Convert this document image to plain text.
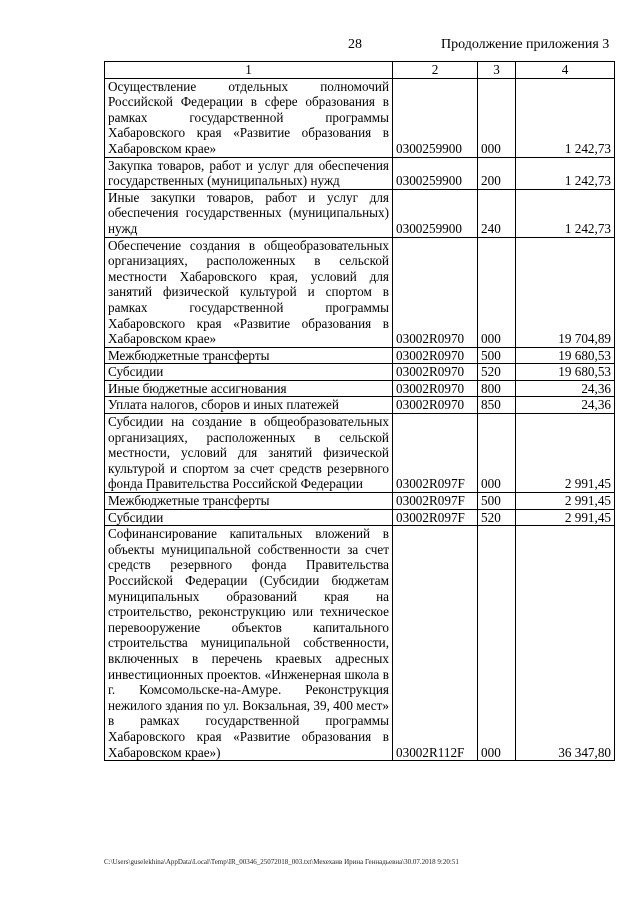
28	Продолжение приложения 3
1	2	3	4
Осуществление отдельных полномочий Российской Федерации в сфере образования в рамках государственной программы Хабаровского края «Развитие образования в Хабаровском крае»	0300259900	000	1 242,73
Закупка товаров, работ и услуг для обеспечения государственных (муниципальных) нужд	0300259900	200	1 242,73
Иные закупки товаров, работ и услуг для обеспечения государственных (муниципальных) нужд	0300259900	240	1 242,73
Обеспечение создания в общеобразовательных организациях, расположенных в сельской местности Хабаровского края, условий для занятий физической культурой и спортом в рамках государственной программы Хабаровского края «Развитие образования в Хабаровском крае»	03002R0970	000	19 704,89
Межбюджетные трансферты	03002R0970	500	19 680,53
Субсидии	03002R0970	520	19 680,53
Иные бюджетные ассигнования	03002R0970	800	24,36
Уплата налогов, сборов и иных платежей	03002R0970	850	24,36
Субсидии на создание в общеобразовательных организациях, расположенных в сельской местности, условий для занятий физической культурой и спортом за счет средств резервного фонда Правительства Российской Федерации	03002R097F	000	2 991,45
Межбюджетные трансферты	03002R097F	500	2 991,45
Субсидии	03002R097F	520	2 991,45
Софинансирование капитальных вложений в объекты муниципальной собственности за счет средств резервного фонда Правительства Российской Федерации (Субсидии бюджетам муниципальных образований края на строительство, реконструкцию или техническое перевооружение объектов капитального строительства муниципальной собственности, включенных в перечень краевых адресных инвестиционных проектов. «Инженерная школа в г. Комсомольске-на-Амуре. Реконструкция нежилого здания по ул. Вокзальная, 39, 400 мест» в рамках государственной программы Хабаровского края «Развитие образования в Хабаровском крае»)	03002R112F	000	36 347,80
C:\Users\guselekhina\AppData\Local\Temp\IR_00346_25072018_003.txt\Мехеханв Ирина Геннадьевна\30.07.2018 9:20:51
